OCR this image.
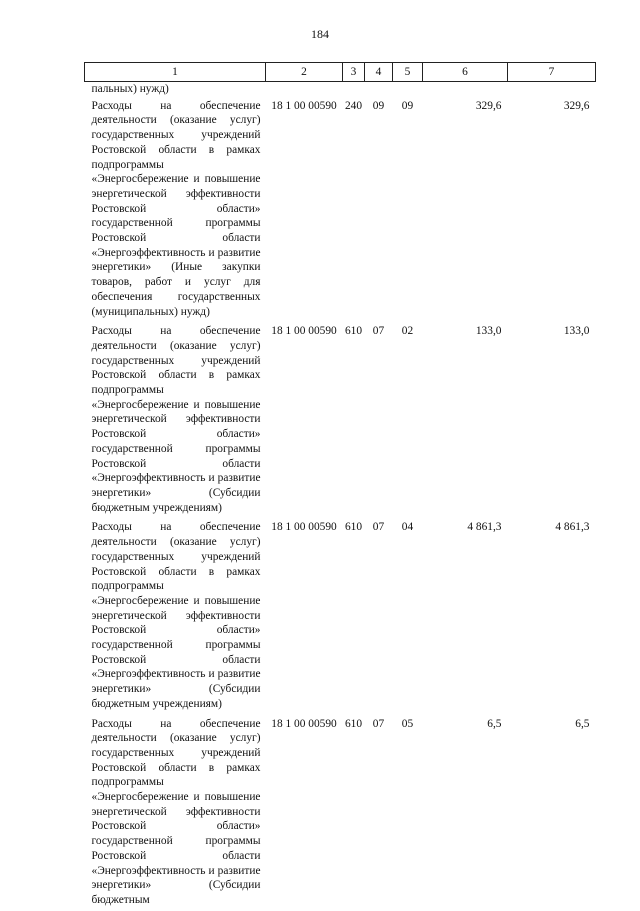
184
1	2	3	4	5	6	7
пальных) нужд)						
Расходы на обеспечение деятельности (оказание услуг) государственных учреждений Ростовской области в рамках подпрограммы «Энергосбережение и повышение энергетической эффективности Ростовской области» государственной программы Ростовской области «Энергоэффективность и развитие энергетики» (Иные закупки товаров, работ и услуг для обеспечения государственных (муниципальных) нужд)	18 1 00 00590	240	09	09	329,6	329,6
Расходы на обеспечение деятельности (оказание услуг) государственных учреждений Ростовской области в рамках подпрограммы «Энергосбережение и повышение энергетической эффективности Ростовской области» государственной программы Ростовской области «Энергоэффективность и развитие энергетики» (Субсидии бюджетным учреждениям)	18 1 00 00590	610	07	02	133,0	133,0
Расходы на обеспечение деятельности (оказание услуг) государственных учреждений Ростовской области в рамках подпрограммы «Энергосбережение и повышение энергетической эффективности Ростовской области» государственной программы Ростовской области «Энергоэффективность и развитие энергетики» (Субсидии бюджетным учреждениям)	18 1 00 00590	610	07	04	4 861,3	4 861,3
Расходы на обеспечение деятельности (оказание услуг) государственных учреждений Ростовской области в рамках подпрограммы «Энергосбережение и повышение энергетической эффективности Ростовской области» государственной программы Ростовской области «Энергоэффективность и развитие энергетики» (Субсидии бюджетным	18 1 00 00590	610	07	05	6,5	6,5
